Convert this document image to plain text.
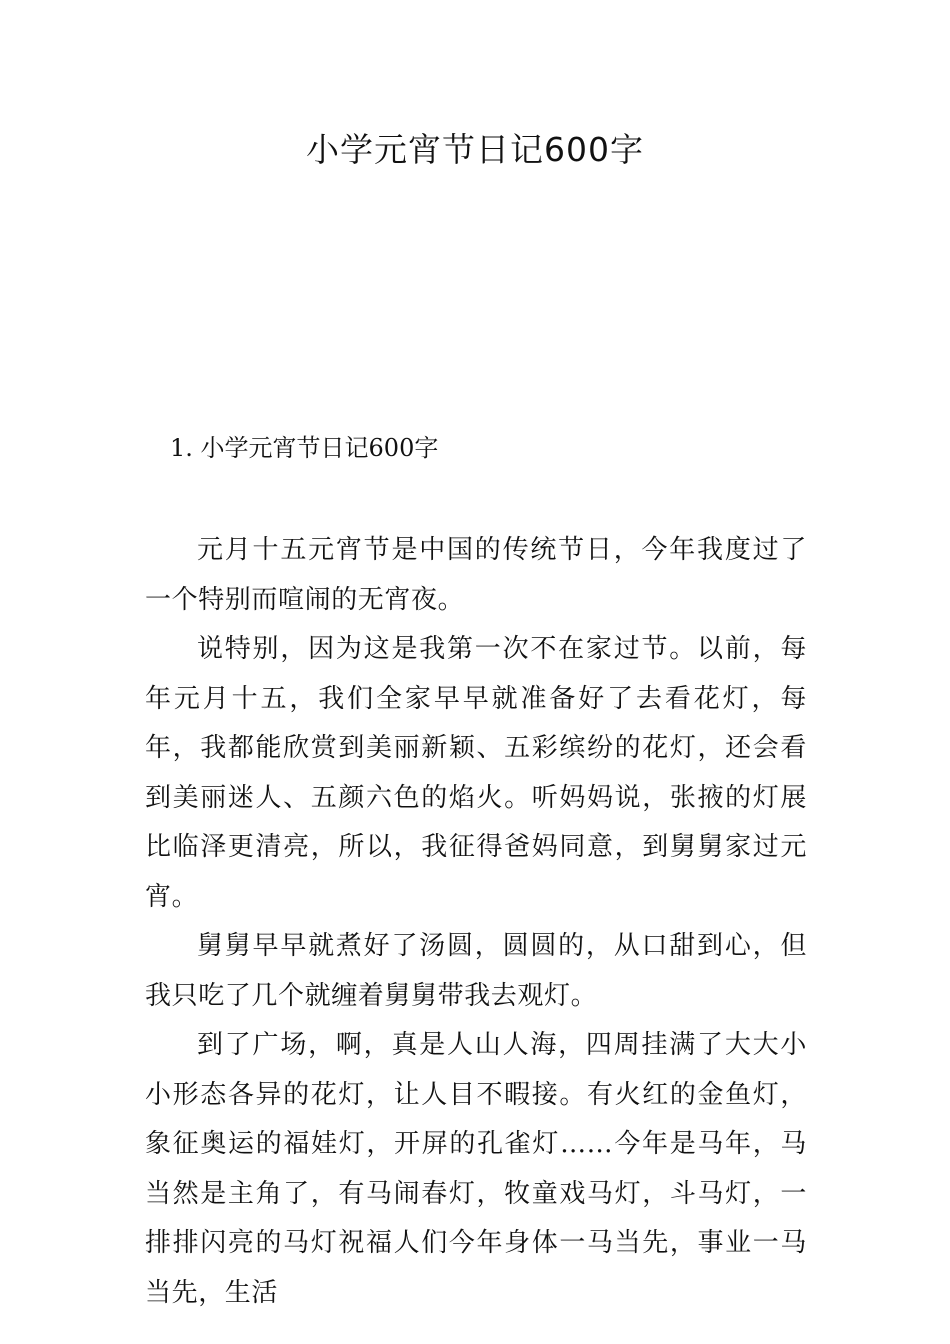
小学元宵节日记600字
1. 小学元宵节日记600字

元月十五元宵节是中国的传统节日，今年我度过了一个特别而喧闹的无宵夜。

说特别，因为这是我第一次不在家过节。以前，每年元月十五，我们全家早早就准备好了去看花灯，每年，我都能欣赏到美丽新颖、五彩缤纷的花灯，还会看到美丽迷人、五颜六色的焰火。听妈妈说，张掖的灯展比临泽更清亮，所以，我征得爸妈同意，到舅舅家过元宵。

舅舅早早就煮好了汤圆，圆圆的，从口甜到心，但我只吃了几个就缠着舅舅带我去观灯。

到了广场，啊，真是人山人海，四周挂满了大大小小形态各异的花灯，让人目不暇接。有火红的金鱼灯，象征奥运的福娃灯，开屏的孔雀灯……今年是马年，马当然是主角了，有马闹春灯，牧童戏马灯，斗马灯，一排排闪亮的马灯祝福人们今年身体一马当先，事业一马当先，生活
